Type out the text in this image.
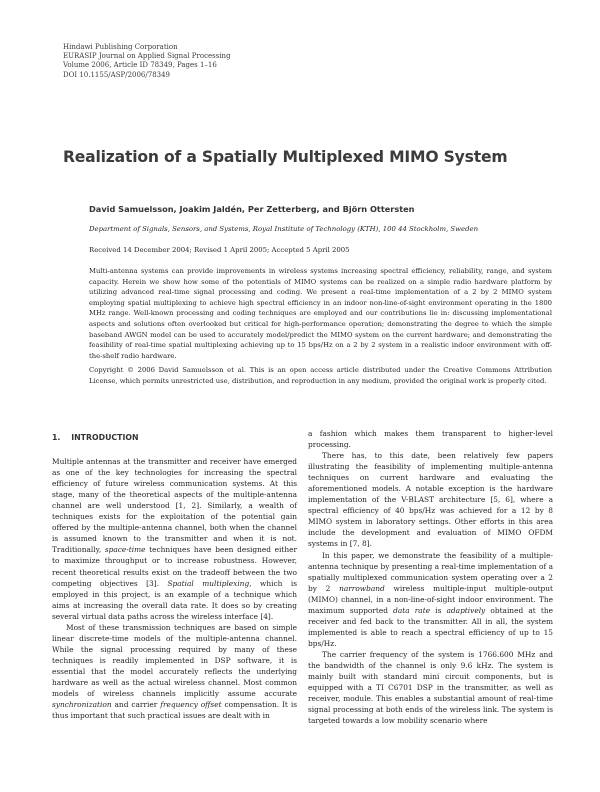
Hindawi Publishing Corporation
EURASIP Journal on Applied Signal Processing
Volume 2006, Article ID 78349, Pages 1–16
DOI 10.1155/ASP/2006/78349
Realization of a Spatially Multiplexed MIMO System
David Samuelsson, Joakim Jaldén, Per Zetterberg, and Björn Ottersten
Department of Signals, Sensors, and Systems, Royal Institute of Technology (KTH), 100 44 Stockholm, Sweden
Received 14 December 2004; Revised 1 April 2005; Accepted 5 April 2005
Multi-antenna systems can provide improvements in wireless systems increasing spectral efficiency, reliability, range, and system capacity. Herein we show how some of the potentials of MIMO systems can be realized on a simple radio hardware platform by utilizing advanced real-time signal processing and coding. We present a real-time implementation of a 2 by 2 MIMO system employing spatial multiplexing to achieve high spectral efficiency in an indoor non-line-of-sight environment operating in the 1800 MHz range. Well-known processing and coding techniques are employed and our contributions lie in: discussing implementational aspects and solutions often overlooked but critical for high-performance operation; demonstrating the degree to which the simple baseband AWGN model can be used to accurately model/predict the MIMO system on the current hardware; and demonstrating the feasibility of real-time spatial multiplexing achieving up to 15 bps/Hz on a 2 by 2 system in a realistic indoor environment with off-the-shelf radio hardware.
Copyright © 2006 David Samuelsson et al. This is an open access article distributed under the Creative Commons Attribution License, which permits unrestricted use, distribution, and reproduction in any medium, provided the original work is properly cited.

1. INTRODUCTION

Multiple antennas at the transmitter and receiver have emerged as one of the key technologies for increasing the spectral efficiency of future wireless communication systems. At this stage, many of the theoretical aspects of the multiple-antenna channel are well understood [1, 2]. Similarly, a wealth of techniques exists for the exploitation of the potential gain offered by the multiple-antenna channel, both when the channel is assumed known to the transmitter and when it is not. Traditionally, space-time techniques have been designed either to maximize throughput or to increase robustness. However, recent theoretical results exist on the tradeoff between the two competing objectives [3]. Spatial multiplexing, which is employed in this project, is an example of a technique which aims at increasing the overall data rate. It does so by creating several virtual data paths across the wireless interface [4].

Most of these transmission techniques are based on simple linear discrete-time models of the multiple-antenna channel. While the signal processing required by many of these techniques is readily implemented in DSP software, it is essential that the model accurately reflects the underlying hardware as well as the actual wireless channel. Most common models of wireless channels implicitly assume accurate synchronization and carrier frequency offset compensation. It is thus important that such practical issues are dealt with in

a fashion which makes them transparent to higher-level processing.

There has, to this date, been relatively few papers illustrating the feasibility of implementing multiple-antenna techniques on current hardware and evaluating the aforementioned models. A notable exception is the hardware implementation of the V-BLAST architecture [5, 6], where a spectral efficiency of 40 bps/Hz was achieved for a 12 by 8 MIMO system in laboratory settings. Other efforts in this area include the development and evaluation of MIMO OFDM systems in [7, 8].

In this paper, we demonstrate the feasibility of a multiple-antenna technique by presenting a real-time implementation of a spatially multiplexed communication system operating over a 2 by 2 narrowband wireless multiple-input multiple-output (MIMO) channel, in a non-line-of-sight indoor environment. The maximum supported data rate is adaptively obtained at the receiver and fed back to the transmitter. All in all, the system implemented is able to reach a spectral efficiency of up to 15 bps/Hz.

The carrier frequency of the system is 1766.600 MHz and the bandwidth of the channel is only 9.6 kHz. The system is mainly built with standard mini circuit components, but is equipped with a TI C6701 DSP in the transmitter, as well as receiver, module. This enables a substantial amount of real-time signal processing at both ends of the wireless link. The system is targeted towards a low mobility scenario where
